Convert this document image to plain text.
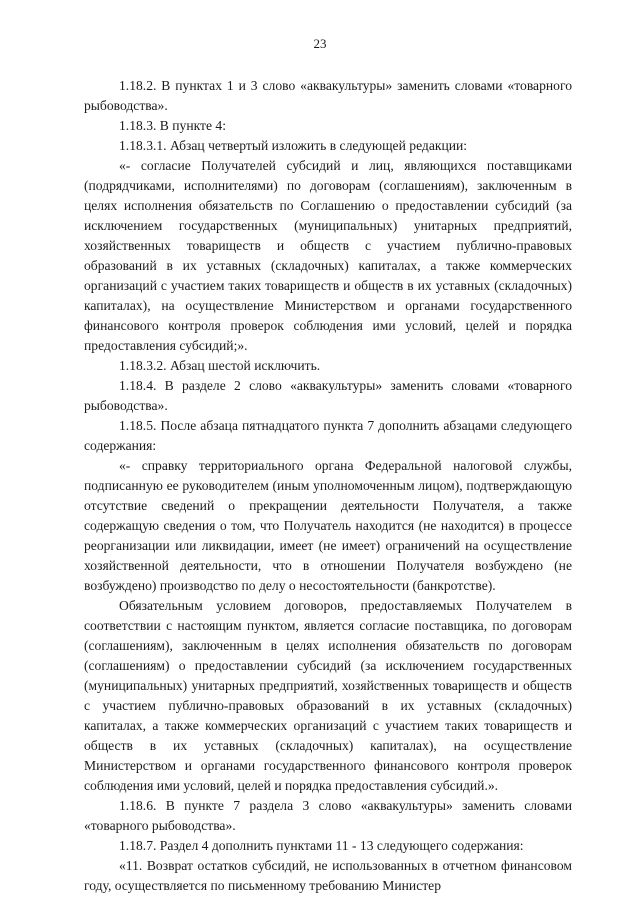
23

1.18.2. В пунктах 1 и 3 слово «аквакультуры» заменить словами «товарного рыбоводства».

1.18.3. В пункте 4:

1.18.3.1. Абзац четвертый изложить в следующей редакции:

«- согласие Получателей субсидий и лиц, являющихся поставщиками (подрядчиками, исполнителями) по договорам (соглашениям), заключенным в целях исполнения обязательств по Соглашению о предоставлении субсидий (за исключением государственных (муниципальных) унитарных предприятий, хозяйственных товариществ и обществ с участием публично-правовых образований в их уставных (складочных) капиталах, а также коммерческих организаций с участием таких товариществ и обществ в их уставных (складочных) капиталах), на осуществление Министерством и органами государственного финансового контроля проверок соблюдения ими условий, целей и порядка предоставления субсидий;».

1.18.3.2. Абзац шестой исключить.

1.18.4. В разделе 2 слово «аквакультуры» заменить словами «товарного рыбоводства».

1.18.5. После абзаца пятнадцатого пункта 7 дополнить абзацами следующего содержания:

«- справку территориального органа Федеральной налоговой службы, подписанную ее руководителем (иным уполномоченным лицом), подтверждающую отсутствие сведений о прекращении деятельности Получателя, а также содержащую сведения о том, что Получатель находится (не находится) в процессе реорганизации или ликвидации, имеет (не имеет) ограничений на осуществление хозяйственной деятельности, что в отношении Получателя возбуждено (не возбуждено) производство по делу о несостоятельности (банкротстве).

Обязательным условием договоров, предоставляемых Получателем в соответствии с настоящим пунктом, является согласие поставщика, по договорам (соглашениям), заключенным в целях исполнения обязательств по договорам (соглашениям) о предоставлении субсидий (за исключением государственных (муниципальных) унитарных предприятий, хозяйственных товариществ и обществ с участием публично-правовых образований в их уставных (складочных) капиталах, а также коммерческих организаций с участием таких товариществ и обществ в их уставных (складочных) капиталах), на осуществление Министерством и органами государственного финансового контроля проверок соблюдения ими условий, целей и порядка предоставления субсидий.».

1.18.6. В пункте 7 раздела 3 слово «аквакультуры» заменить словами «товарного рыбоводства».

1.18.7. Раздел 4 дополнить пунктами 11 - 13 следующего содержания:

«11. Возврат остатков субсидий, не использованных в отчетном финансовом году, осуществляется по письменному требованию Министер
